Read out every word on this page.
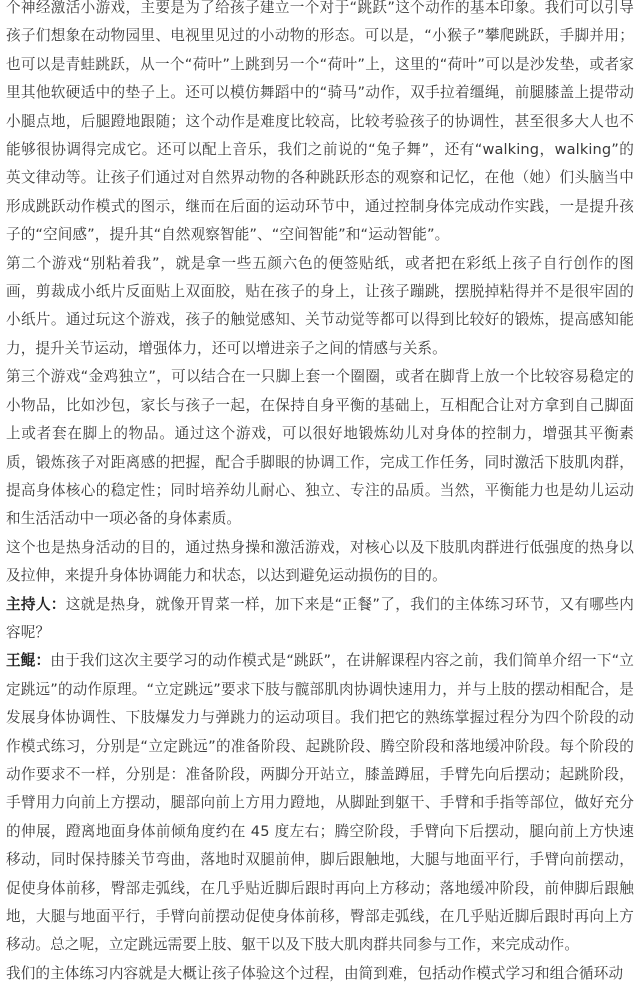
个神经激活小游戏，主要是为了给孩子建立一个对于“跳跃”这个动作的基本印象。我们可以引导孩子们想象在动物园里、电视里见过的小动物的形态。可以是，“小猴子”攀爬跳跃，手脚并用；也可以是青蛙跳跃，从一个“荷叶”上跳到另一个“荷叶”上，这里的“荷叶”可以是沙发垫，或者家里其他软硬适中的垫子上。还可以模仿舞蹈中的“骑马”动作，双手拉着缰绳，前腿膝盖上提带动小腿点地，后腿蹬地跟随；这个动作是难度比较高，比较考验孩子的协调性，甚至很多大人也不能够很协调得完成它。还可以配上音乐，我们之前说的“兔子舞”，还有“walking，walking”的英文律动等。让孩子们通过对自然界动物的各种跳跃形态的观察和记忆，在他（她）们头脑当中形成跳跃动作模式的图示，继而在后面的运动环节中，通过控制身体完成动作实践，一是提升孩子的“空间感”，提升其“自然观察智能”、“空间智能”和“运动智能”。

第二个游戏“别粘着我”，就是拿一些五颜六色的便签贴纸，或者把在彩纸上孩子自行创作的图画，剪裁成小纸片反面贴上双面胶，贴在孩子的身上，让孩子蹦跳，摆脱掉粘得并不是很牢固的小纸片。通过玩这个游戏，孩子的触觉感知、关节动觉等都可以得到比较好的锻炼，提高感知能力，提升关节运动，增强体力，还可以增进亲子之间的情感与关系。

第三个游戏“金鸡独立”，可以结合在一只脚上套一个圈圈，或者在脚背上放一个比较容易稳定的小物品，比如沙包，家长与孩子一起，在保持自身平衡的基础上，互相配合让对方拿到自己脚面上或者套在脚上的物品。通过这个游戏，可以很好地锻炼幼儿对身体的控制力，增强其平衡素质，锻炼孩子对距离感的把握，配合手脚眼的协调工作，完成工作任务，同时激活下肢肌肉群，提高身体核心的稳定性；同时培养幼儿耐心、独立、专注的品质。当然，平衡能力也是幼儿运动和生活活动中一项必备的身体素质。

这个也是热身活动的目的，通过热身操和激活游戏，对核心以及下肢肌肉群进行低强度的热身以及拉伸，来提升身体协调能力和状态，以达到避免运动损伤的目的。

主持人：这就是热身，就像开胃菜一样，加下来是“正餐”了，我们的主体练习环节，又有哪些内容呢？

王鲲：由于我们这次主要学习的动作模式是“跳跃”，在讲解课程内容之前，我们简单介绍一下“立定跳远”的动作原理。“立定跳远”要求下肢与髋部肌肉协调快速用力，并与上肢的摆动相配合，是发展身体协调性、下肢爆发力与弹跳力的运动项目。我们把它的熟练掌握过程分为四个阶段的动作模式练习，分别是“立定跳远”的准备阶段、起跳阶段、腾空阶段和落地缓冲阶段。每个阶段的动作要求不一样，分别是：准备阶段，两脚分开站立，膝盖蹲屈，手臂先向后摆动；起跳阶段，手臂用力向前上方摆动，腿部向前上方用力蹬地，从脚趾到躯干、手臂和手指等部位，做好充分的伸展，蹬离地面身体前倾角度约在 45 度左右；腾空阶段，手臂向下后摆动，腿向前上方快速移动，同时保持膝关节弯曲，落地时双腿前伸，脚后跟触地，大腿与地面平行，手臂向前摆动，促使身体前移，臀部走弧线，在几乎贴近脚后跟时再向上方移动；落地缓冲阶段，前伸脚后跟触地，大腿与地面平行，手臂向前摆动促使身体前移，臀部走弧线，在几乎贴近脚后跟时再向上方移动。总之呢，立定跳远需要上肢、躯干以及下肢大肌肉群共同参与工作，来完成动作。

我们的主体练习内容就是大概让孩子体验这个过程，由简到难，包括动作模式学习和组合循环动
